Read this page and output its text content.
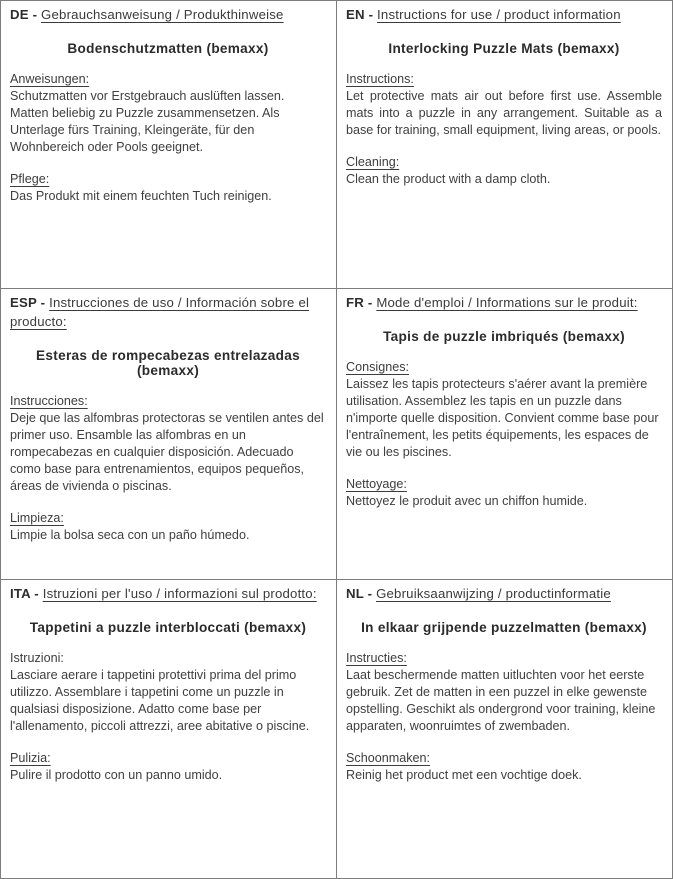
DE - Gebrauchsanweisung / Produkthinweise

Bodenschutzmatten (bemaxx)

Anweisungen:

Schutzmatten vor Erstgebrauch auslüften lassen. Matten beliebig zu Puzzle zusammensetzen. Als Unterlage fürs Training, Kleingeräte, für den Wohnbereich oder Pools geeignet.

Pflege:

Das Produkt mit einem feuchten Tuch reinigen.

EN - Instructions for use / product information

Interlocking Puzzle Mats (bemaxx)

Instructions:

Let protective mats air out before first use. Assemble mats into a puzzle in any arrangement. Suitable as a base for training, small equipment, living areas, or pools.

Cleaning:

Clean the product with a damp cloth.

ESP - Instrucciones de uso / Información sobre el producto:

Esteras de rompecabezas entrelazadas (bemaxx)

Instrucciones:

Deje que las alfombras protectoras se ventilen antes del primer uso. Ensamble las alfombras en un rompecabezas en cualquier disposición. Adecuado como base para entrenamientos, equipos pequeños, áreas de vivienda o piscinas.

Limpieza:

Limpie la bolsa seca con un paño húmedo.

FR - Mode d'emploi / Informations sur le produit:

Tapis de puzzle imbriqués (bemaxx)

Consignes:

Laissez les tapis protecteurs s'aérer avant la première utilisation. Assemblez les tapis en un puzzle dans n'importe quelle disposition. Convient comme base pour l'entraînement, les petits équipements, les espaces de vie ou les piscines.

Nettoyage:

Nettoyez le produit avec un chiffon humide.

ITA - Istruzioni per l'uso / informazioni sul prodotto:

Tappetini a puzzle interbloccati (bemaxx)

Istruzioni:

Lasciare aerare i tappetini protettivi prima del primo utilizzo. Assemblare i tappetini come un puzzle in qualsiasi disposizione. Adatto come base per l'allenamento, piccoli attrezzi, aree abitative o piscine.

Pulizia:

Pulire il prodotto con un panno umido.

NL - Gebruiksaanwijzing / productinformatie

In elkaar grijpende puzzelmatten (bemaxx)

Instructies:

Laat beschermende matten uitluchten voor het eerste gebruik. Zet de matten in een puzzel in elke gewenste opstelling. Geschikt als ondergrond voor training, kleine apparaten, woonruimtes of zwembaden.

Schoonmaken:

Reinig het product met een vochtige doek.
